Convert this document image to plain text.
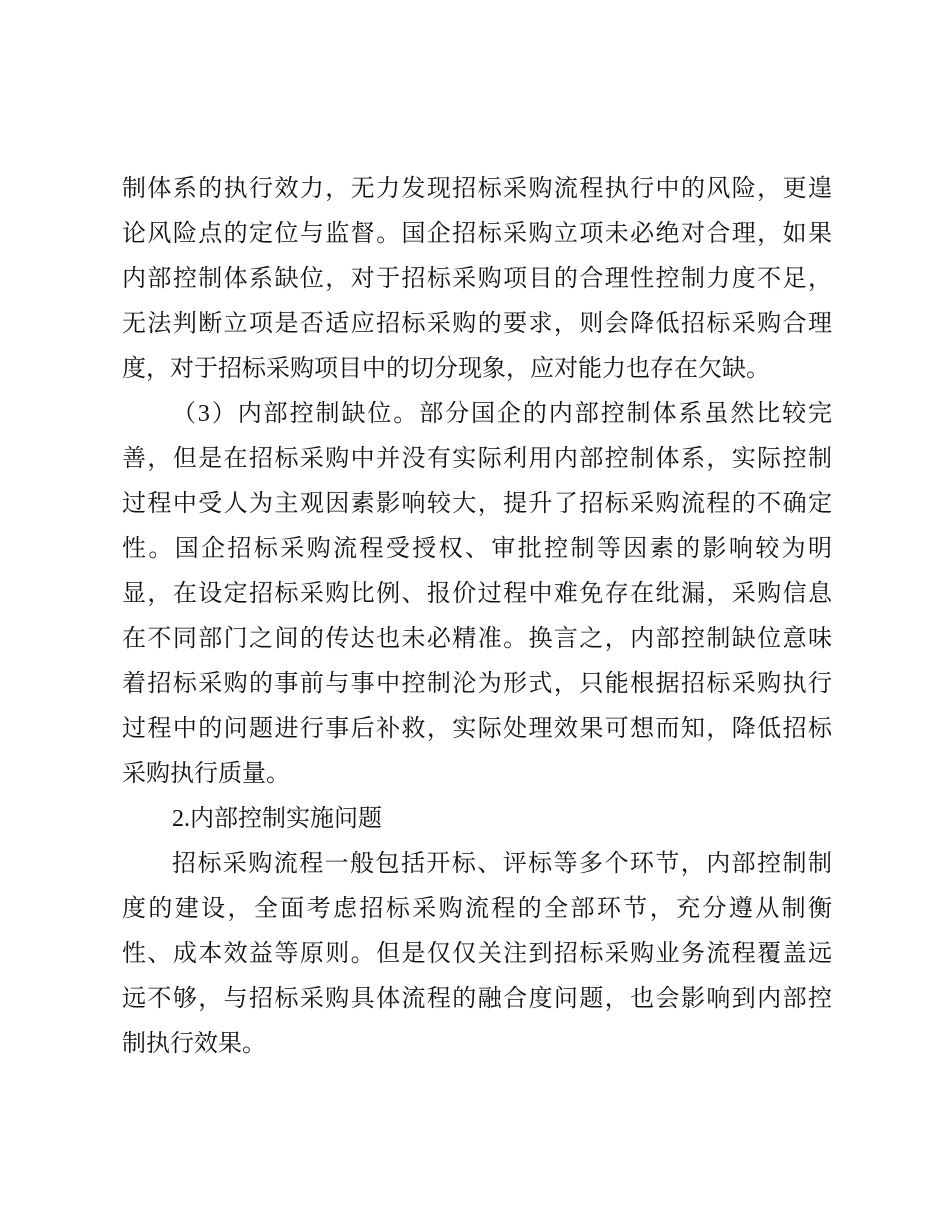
制体系的执行效力，无力发现招标采购流程执行中的风险，更遑
论风险点的定位与监督。国企招标采购立项未必绝对合理，如果
内部控制体系缺位，对于招标采购项目的合理性控制力度不足，
无法判断立项是否适应招标采购的要求，则会降低招标采购合理
度，对于招标采购项目中的切分现象，应对能力也存在欠缺。
（3）内部控制缺位。部分国企的内部控制体系虽然比较完
善，但是在招标采购中并没有实际利用内部控制体系，实际控制
过程中受人为主观因素影响较大，提升了招标采购流程的不确定
性。国企招标采购流程受授权、审批控制等因素的影响较为明
显，在设定招标采购比例、报价过程中难免存在纰漏，采购信息
在不同部门之间的传达也未必精准。换言之，内部控制缺位意味
着招标采购的事前与事中控制沦为形式，只能根据招标采购执行
过程中的问题进行事后补救，实际处理效果可想而知，降低招标
采购执行质量。
2.内部控制实施问题
招标采购流程一般包括开标、评标等多个环节，内部控制制
度的建设，全面考虑招标采购流程的全部环节，充分遵从制衡
性、成本效益等原则。但是仅仅关注到招标采购业务流程覆盖远
远不够，与招标采购具体流程的融合度问题，也会影响到内部控
制执行效果。
